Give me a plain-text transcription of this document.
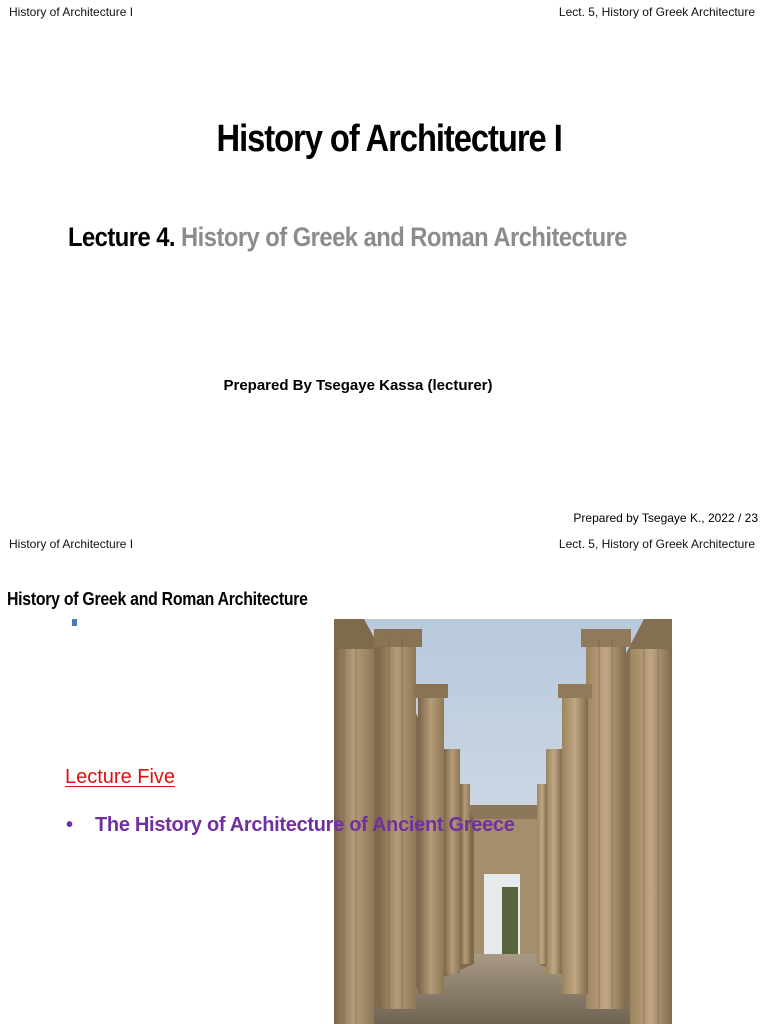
History of Architecture I	Lect. 5, History of Greek Architecture
History of Architecture I
Lecture 4. History of Greek and Roman Architecture
Prepared By Tsegaye Kassa (lecturer)
Prepared by Tsegaye K., 2022 / 23
History of Architecture I	Lect. 5, History of Greek Architecture
History of Greek and Roman Architecture
Lecture Five
• The History of Architecture of Ancient Greece
